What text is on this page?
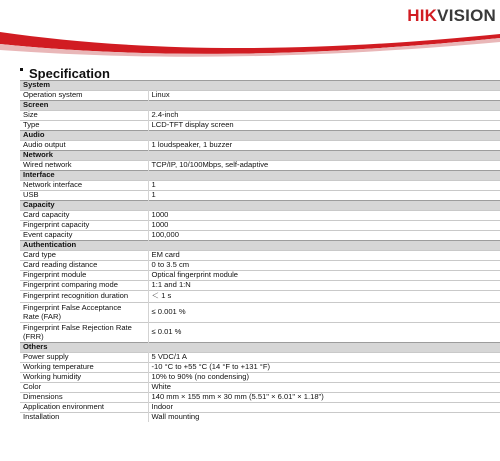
HIKVISION
Specification
System	
Operation system	Linux
Screen	
Size	2.4-inch
Type	LCD-TFT display screen
Audio	
Audio output	1 loudspeaker, 1 buzzer
Network	
Wired network	TCP/IP, 10/100Mbps, self-adaptive
Interface	
Network interface	1
USB	1
Capacity	
Card capacity	1000
Fingerprint capacity	1000
Event capacity	100,000
Authentication	
Card type	EM card
Card reading distance	0 to 3.5 cm
Fingerprint module	Optical fingerprint module
Fingerprint comparing mode	1:1 and 1:N
Fingerprint recognition duration	＜ 1 s

Fingerprint False Acceptance
Rate (FAR)	≤ 0.001 %

Fingerprint False Rejection Rate
(FRR)	≤ 0.01 %
Others	
Power supply	5 VDC/1 A
Working temperature	-10 °C to +55 °C (14 °F to +131 °F)
Working humidity	10% to 90% (no condensing)
Color	White
Dimensions	140 mm × 155 mm × 30 mm (5.51" × 6.01" × 1.18")
Application environment	Indoor
Installation	Wall mounting
